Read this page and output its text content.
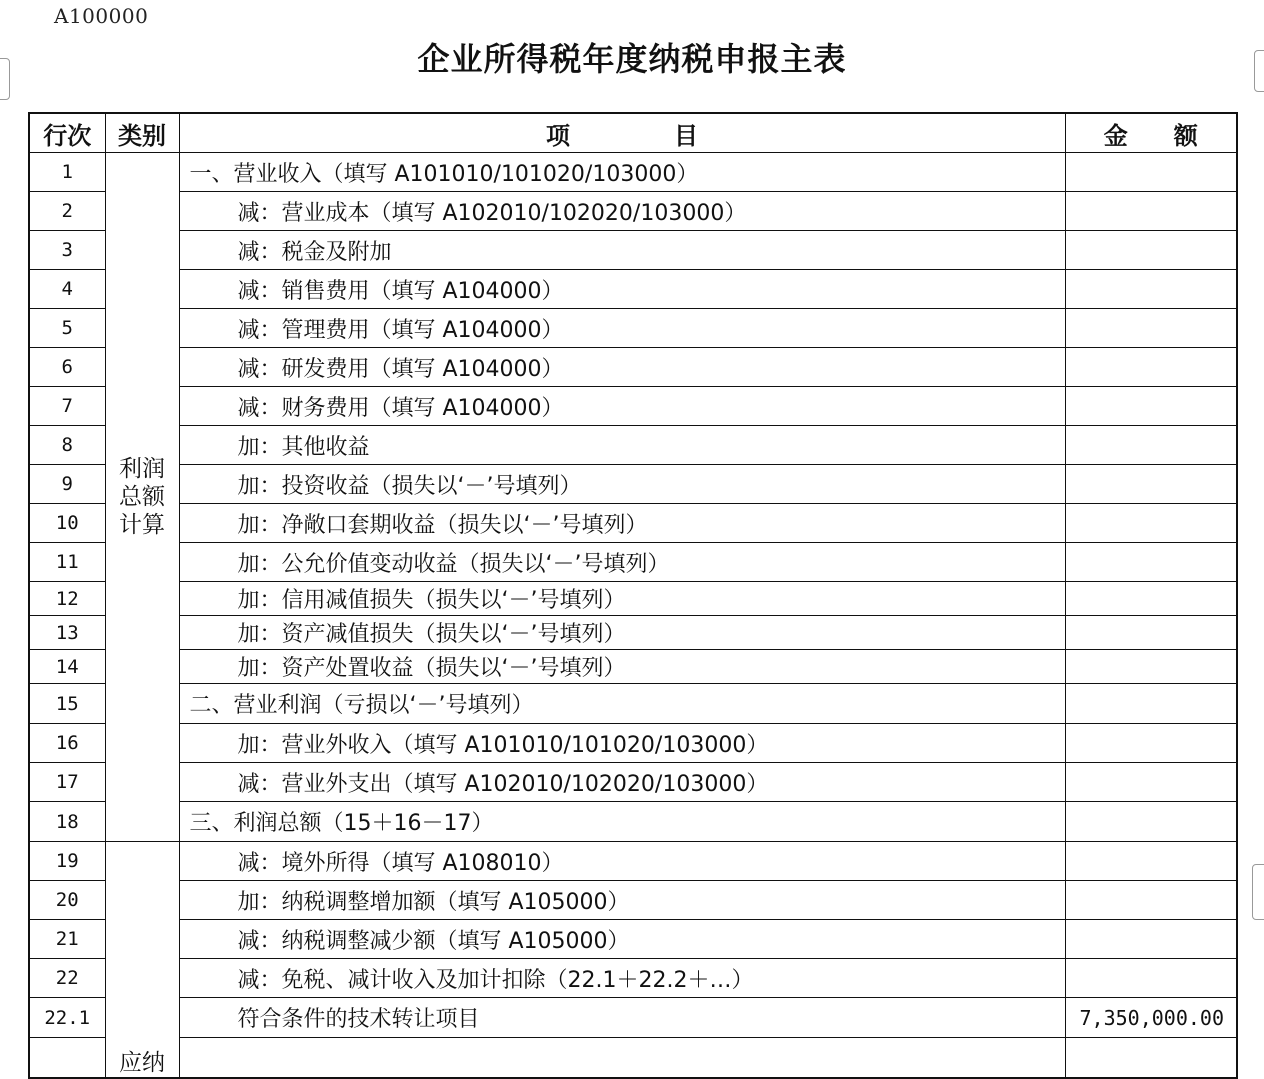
A100000
企业所得税年度纳税申报主表
行次	类别	项 目	金 额
1	利润总额计算	一、营业收入（填写 A101010/101020/103000）	
2		减：营业成本（填写 A102010/102020/103000）	
3		减：税金及附加	
4		减：销售费用（填写 A104000）	
5		减：管理费用（填写 A104000）	
6		减：研发费用（填写 A104000）	
7		减：财务费用（填写 A104000）	
8		加：其他收益	
9		加：投资收益（损失以‘－’号填列）	
10		加：净敞口套期收益（损失以‘－’号填列）	
11		加：公允价值变动收益（损失以‘－’号填列）	
12		加：信用减值损失（损失以‘－’号填列）	
13		加：资产减值损失（损失以‘－’号填列）	
14		加：资产处置收益（损失以‘－’号填列）	
15		二、营业利润（亏损以‘－’号填列）	
16		加：营业外收入（填写 A101010/101020/103000）	
17		减：营业外支出（填写 A102010/102020/103000）	
18		三、利润总额（15＋16－17）	
19	应纳	减：境外所得（填写 A108010）	
20		加：纳税调整增加额（填写 A105000）	
21		减：纳税调整减少额（填写 A105000）	
22		减：免税、减计收入及加计扣除（22.1＋22.2＋…）	
22.1		符合条件的技术转让项目	7,350,000.00
